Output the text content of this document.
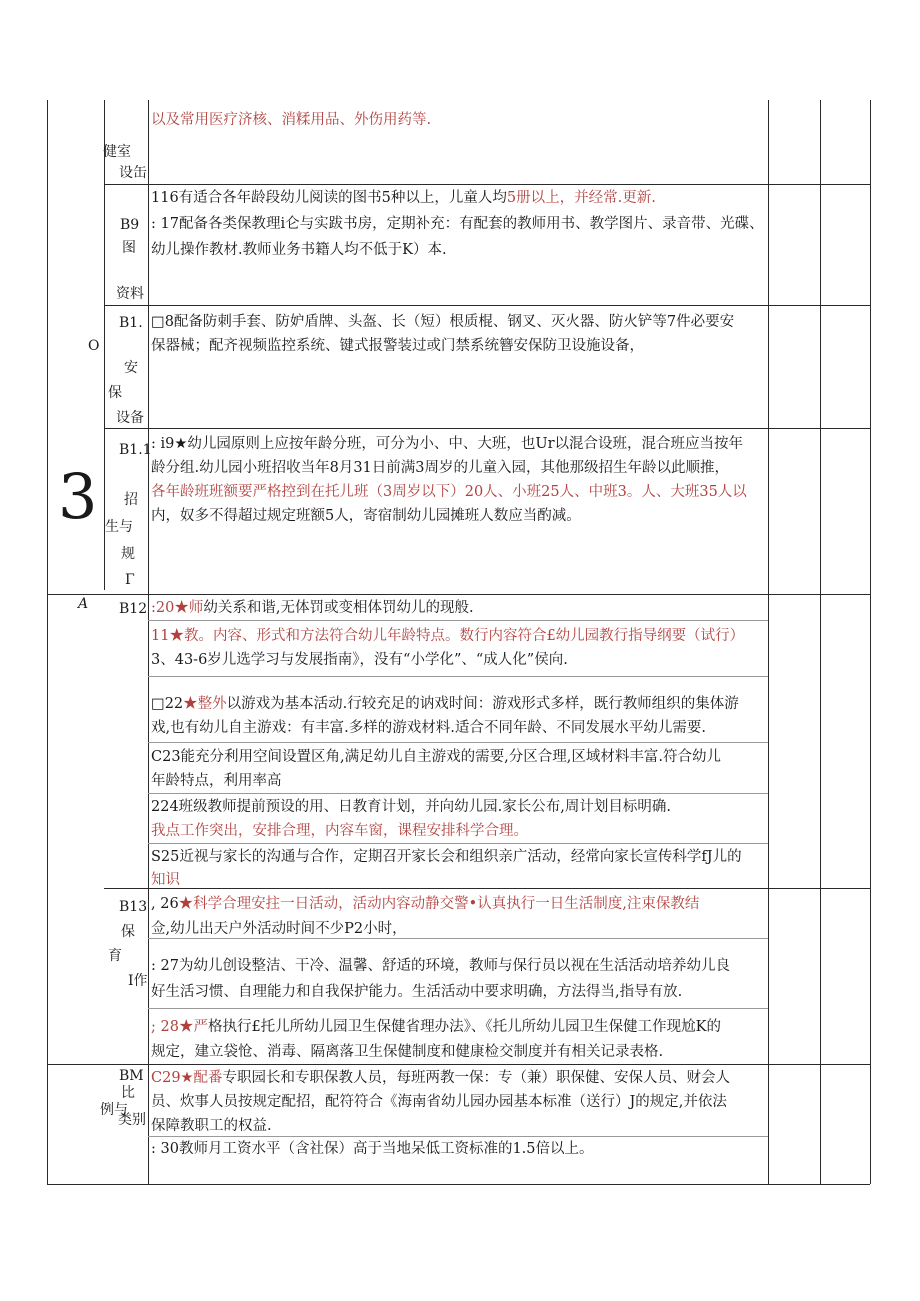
3
A
O
健室
设缶
B9
图
资料
B1.
安
保
设备
B1.1
招
生与
规
Γ
B12
B13
保
育
I作
BM
比
例与
类别
以及常用医疗济核、消糅用品、外伤用药等.
116有适合各年龄段幼儿阅读的图书5种以上，儿童人均5册以上，并经常.更新.
: 17配备各类保教理i仑与实跋书房，定期补充：有配套的教师用书、教学图片、录音带、光碟、
幼儿操作教材.教师业务书籍人均不低于K）本.
□8配备防刺手套、防妒盾牌、头盔、长（短）根质棍、钢叉、灭火器、防火铲等7件必要安
保器械；配齐视频监控系统、键式报警装过或门禁系统簪安保防卫设施设备，
: i9★幼儿园原则上应按年龄分班，可分为小、中、大班，也Ur以混合设班，混合班应当按年
龄分组.幼儿园小班招收当年8月31日前满3周岁的儿童入园，其他那级招生年龄以此顺推，
各年龄班班额要严格控到在托儿班（3周岁以下）20人、小班25人、中班3。人、大班35人以
内，奴多不得超过规定班额5人，寄宿制幼儿园摊班人数应当酌减。
:20★师幼关系和谐,无体罚或变相体罚幼儿的现般.
11★教。内容、形式和方法符合幼儿年龄特点。数行内容符合£幼儿园教行指导纲要（试行）
3、43-6岁儿选学习与发展指南》，没有“小学化”、“成人化”侯向.
□22★整外以游戏为基本活动.行较充足的讷戏时间：游戏形式多样，既行教师组织的集体游
戏,也有幼儿自主游戏：有丰富.多样的游戏材料.适合不同年龄、不同发展水平幼儿需要.
C23能充分利用空间设置区角,满足幼儿自主游戏的需要,分区合理,区域材料丰富.符合幼儿
年龄特点，利用率高
224班级教师提前预设的用、日教育计划，并向幼儿园.家长公布,周计划目标明确.
我点工作突出，安排合理，内容车窗，课程安排科学合理。
S25近视与家长的沟通与合作，定期召开家长会和组织亲广活动，经常向家长宣传科学fJ儿的
知识
, 26★科学合理安拄一日活动，活动内容动静交警•认真执行一日生活制度,注束保教结
佥,幼儿出天户外活动时间不少P2小时，
: 27为幼儿创设整洁、干冷、温馨、舒适的环境，教师与保行员以视在生活活动培养幼儿良
好生活习惯、自理能力和自我保护能力。生活活动中要求明确，方法得当,指导有放.
; 28★严格执行£托儿所幼儿园卫生保健省理办法》、《托儿所幼儿园卫生保健工作现尬K的
规定，建立袋怆、消毒、隔离落卫生保健制度和健康检交制度并有相关记录表格.
C29★配番专职园长和专职保教人员，每班两教一保：专（兼）职保健、安保人员、财会人
员、炊事人员按规定配招，配符符合《海南省幼儿园办园基本标准（送行）J的规定,并依法
保障教职工的权益.
: 30教师月工资水平（含社保）高于当地呆低工资标准的1.5倍以上。
